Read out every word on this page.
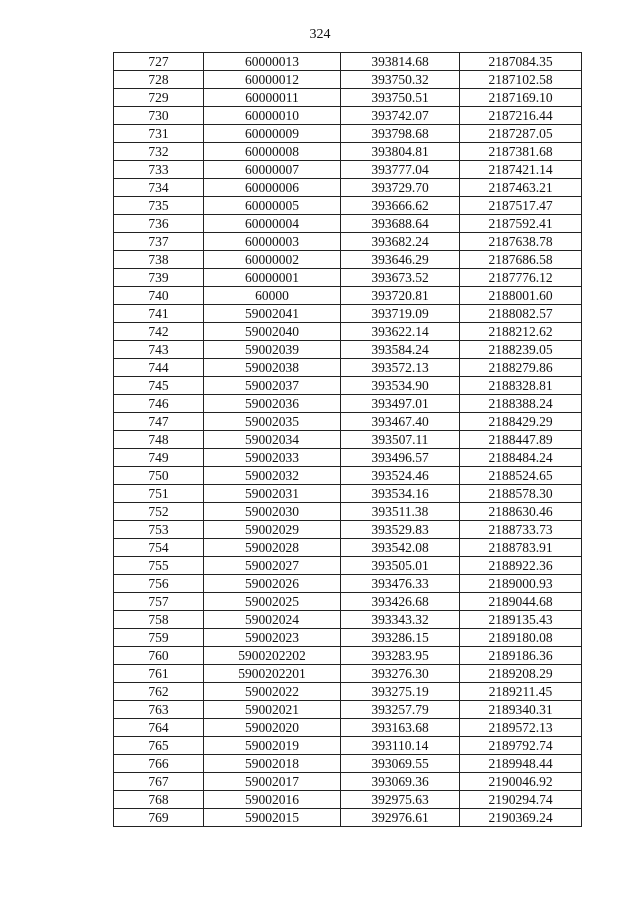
324
727	60000013	393814.68	2187084.35
728	60000012	393750.32	2187102.58
729	60000011	393750.51	2187169.10
730	60000010	393742.07	2187216.44
731	60000009	393798.68	2187287.05
732	60000008	393804.81	2187381.68
733	60000007	393777.04	2187421.14
734	60000006	393729.70	2187463.21
735	60000005	393666.62	2187517.47
736	60000004	393688.64	2187592.41
737	60000003	393682.24	2187638.78
738	60000002	393646.29	2187686.58
739	60000001	393673.52	2187776.12
740	60000	393720.81	2188001.60
741	59002041	393719.09	2188082.57
742	59002040	393622.14	2188212.62
743	59002039	393584.24	2188239.05
744	59002038	393572.13	2188279.86
745	59002037	393534.90	2188328.81
746	59002036	393497.01	2188388.24
747	59002035	393467.40	2188429.29
748	59002034	393507.11	2188447.89
749	59002033	393496.57	2188484.24
750	59002032	393524.46	2188524.65
751	59002031	393534.16	2188578.30
752	59002030	393511.38	2188630.46
753	59002029	393529.83	2188733.73
754	59002028	393542.08	2188783.91
755	59002027	393505.01	2188922.36
756	59002026	393476.33	2189000.93
757	59002025	393426.68	2189044.68
758	59002024	393343.32	2189135.43
759	59002023	393286.15	2189180.08
760	5900202202	393283.95	2189186.36
761	5900202201	393276.30	2189208.29
762	59002022	393275.19	2189211.45
763	59002021	393257.79	2189340.31
764	59002020	393163.68	2189572.13
765	59002019	393110.14	2189792.74
766	59002018	393069.55	2189948.44
767	59002017	393069.36	2190046.92
768	59002016	392975.63	2190294.74
769	59002015	392976.61	2190369.24
